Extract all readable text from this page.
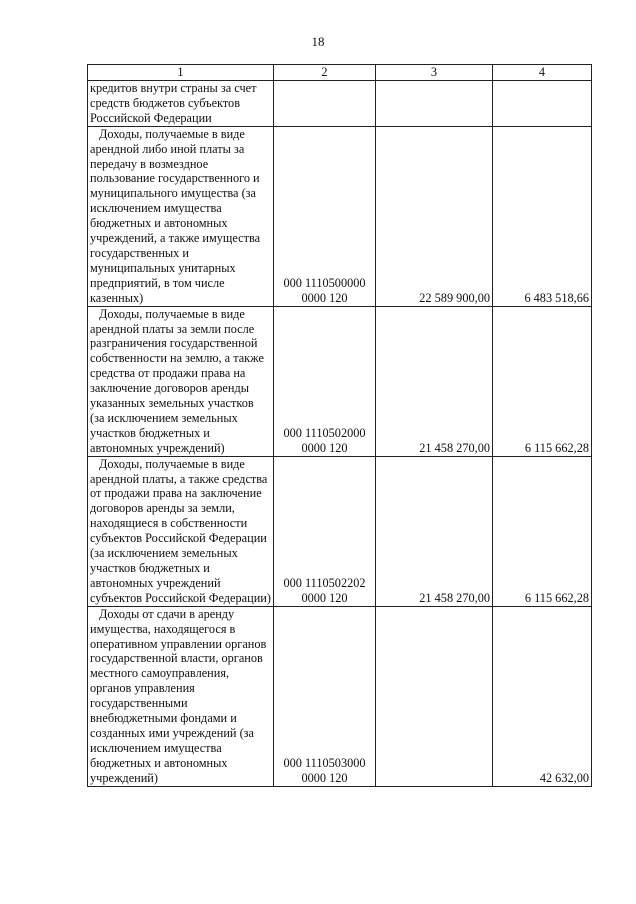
18
1	2	3	4

кредитов внутри страны за счет средств бюджетов субъектов Российской Федерации			

Доходы, получаемые в виде арендной либо иной платы за передачу в возмездное пользование государственного и муниципального имущества (за исключением имущества бюджетных и автономных учреждений, а также имущества государственных и муниципальных унитарных предприятий, в том числе казенных)	000 1110500000 0000 120	22 589 900,00	6 483 518,66

Доходы, получаемые в виде арендной платы за земли после разграничения государственной собственности на землю, а также средства от продажи права на заключение договоров аренды указанных земельных участков (за исключением земельных участков бюджетных и автономных учреждений)	000 1110502000 0000 120	21 458 270,00	6 115 662,28

Доходы, получаемые в виде арендной платы, а также средства от продажи права на заключение договоров аренды за земли, находящиеся в собственности субъектов Российской Федерации (за исключением земельных участков бюджетных и автономных учреждений субъектов Российской Федерации)	000 1110502202 0000 120	21 458 270,00	6 115 662,28

Доходы от сдачи в аренду имущества, находящегося в оперативном управлении органов государственной власти, органов местного самоуправления, органов управления государственными внебюджетными фондами и созданных ими учреждений (за исключением имущества бюджетных и автономных учреждений)	000 1110503000 0000 120		42 632,00
